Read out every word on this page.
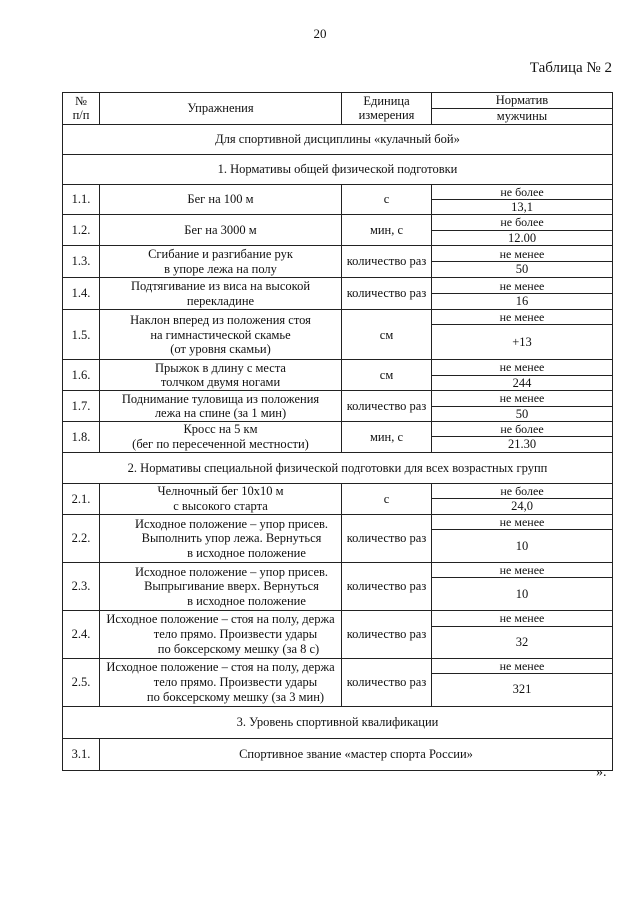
20
Таблица № 2
№
п/п	Упражнения	Единица
измерения	Норматив
			мужчины
Для спортивной дисциплины «кулачный бой»			
1. Нормативы общей физической подготовки			
1.1.	Бег на 100 м	с	не более
			13,1
1.2.	Бег на 3000 м	мин, с	не более
			12.00
1.3.	Сгибание и разгибание рук
в упоре лежа на полу	количество раз	не менее
			50
1.4.	Подтягивание из виса на высокой
перекладине	количество раз	не менее
			16
1.5.	Наклон вперед из положения стоя
на гимнастической скамье
(от уровня скамьи)	см	не менее
			+13
1.6.	Прыжок в длину с места
толчком двумя ногами	см	не менее
			244
1.7.	Поднимание туловища из положения
лежа на спине (за 1 мин)	количество раз	не менее
			50
1.8.	Кросс на 5 км
(бег по пересеченной местности)	мин, с	не более
			21.30
2. Нормативы специальной физической подготовки для всех возрастных групп			
2.1.	Челночный бег 10х10 м
с высокого старта	с	не более
			24,0
2.2.	Исходное положение – упор присев.
Выполнить упор лежа. Вернуться
в исходное положение	количество раз	не менее
			10
2.3.	Исходное положение – упор присев.
Выпрыгивание вверх. Вернуться
в исходное положение	количество раз	не менее
			10
2.4.	Исходное положение – стоя на полу, держа
тело прямо. Произвести удары
по боксерскому мешку (за 8 с)	количество раз	не менее
			32
2.5.	Исходное положение – стоя на полу, держа
тело прямо. Произвести удары
по боксерскому мешку (за 3 мин)	количество раз	не менее
			321
3. Уровень спортивной квалификации			
3.1.	Спортивное звание «мастер спорта России»		
».
